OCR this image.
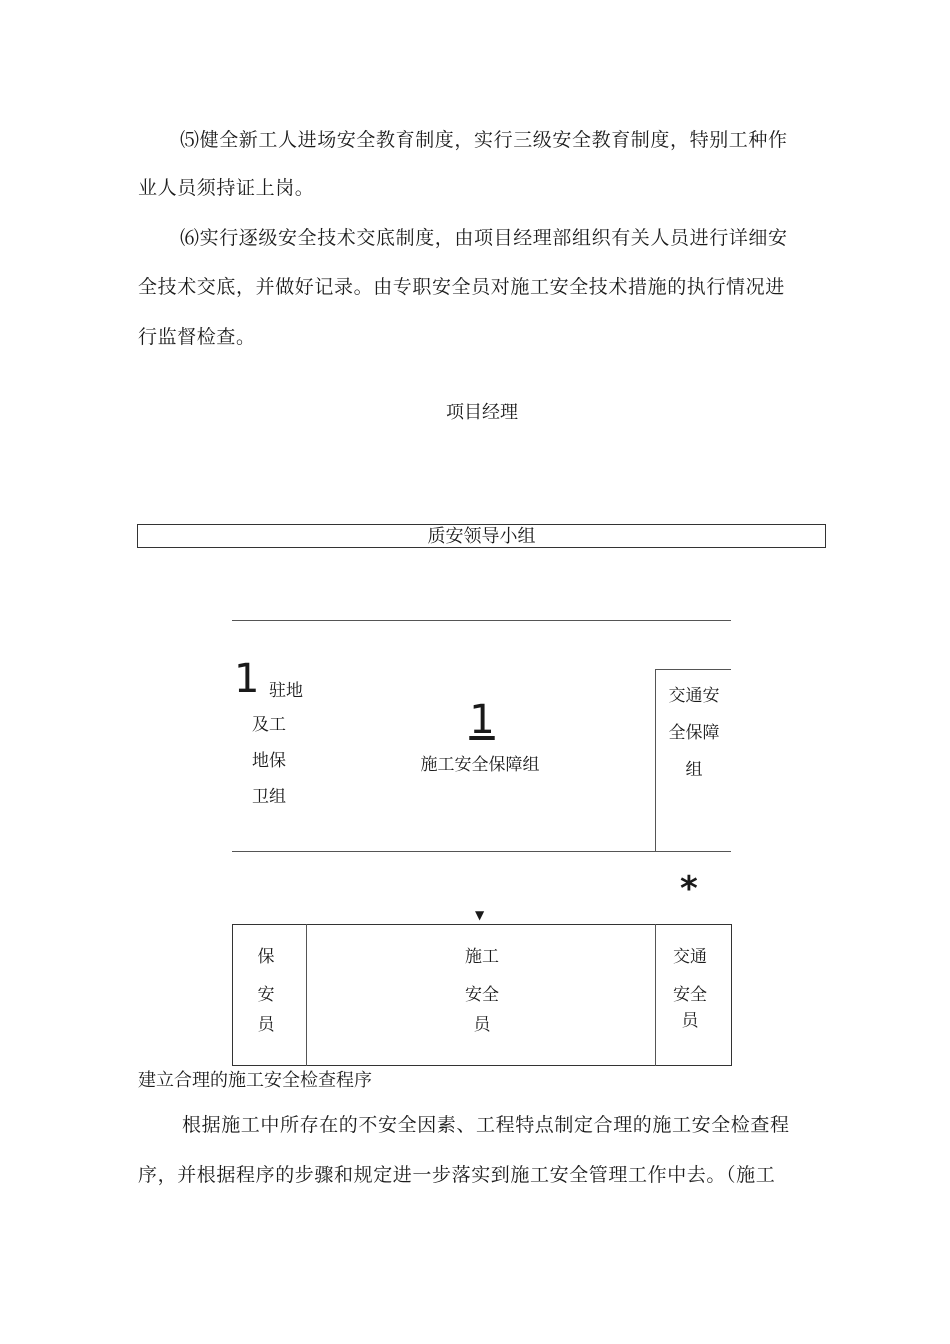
⑸健全新工人进场安全教育制度，实行三级安全教育制度，特别工种作
业人员须持证上岗。
⑹实行逐级安全技术交底制度，由项目经理部组织有关人员进行详细安
全技术交底，并做好记录。由专职安全员对施工安全技术措施的执行情况进
行监督检查。
项目经理
质安领导小组
1 驻地
及工
地保
卫组
1
施工安全保障组
交通安
全保障
组
*
▼
保
安
员
施工
安全
员
交通
安全
员
建立合理的施工安全检查程序
根据施工中所存在的不安全因素、工程特点制定合理的施工安全检查程
序，并根据程序的步骤和规定进一步落实到施工安全管理工作中去。（施工
